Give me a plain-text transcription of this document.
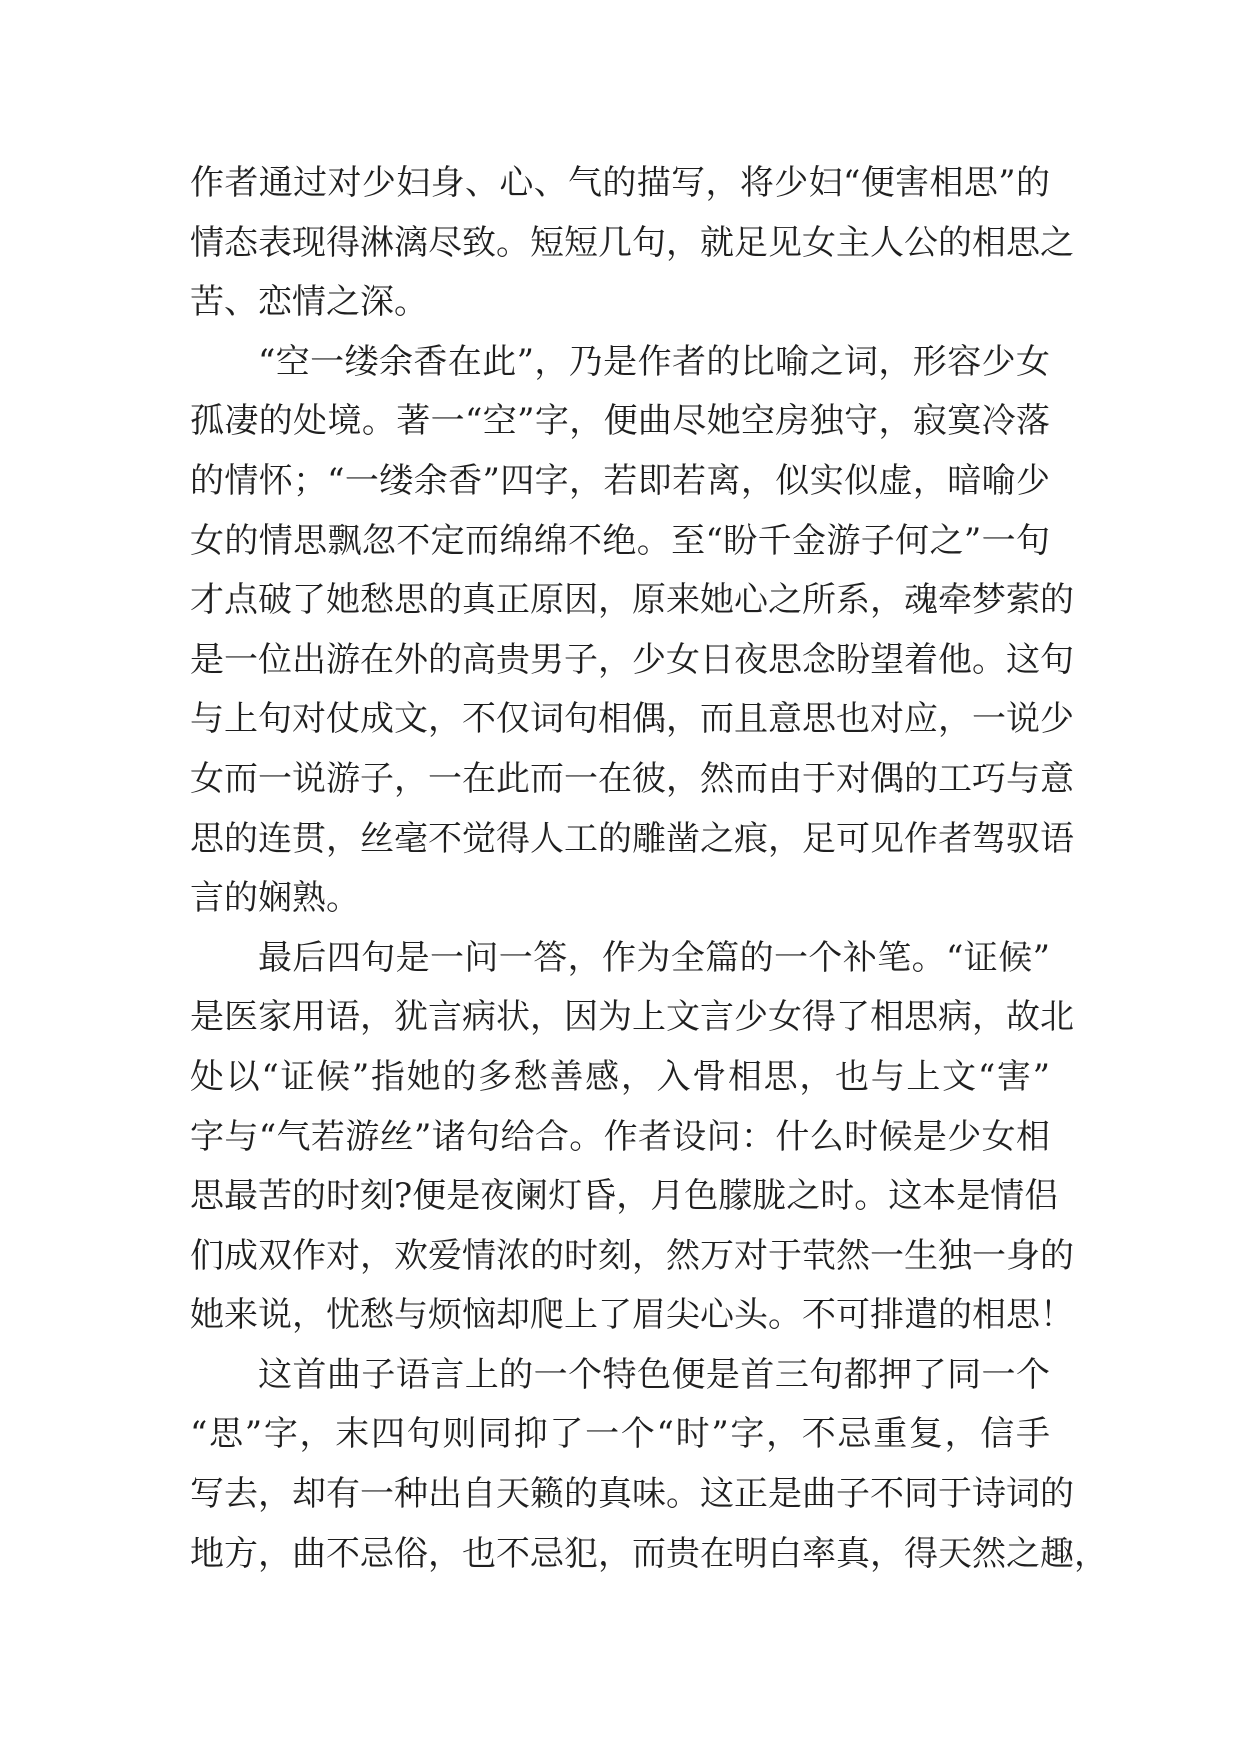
作者通过对少妇身、心、气的描写，将少妇“便害相思”的
情态表现得淋漓尽致。短短几句，就足见女主人公的相思之
苦、恋情之深。
“空一缕余香在此”，乃是作者的比喻之词，形容少女
孤凄的处境。著一“空”字，便曲尽她空房独守，寂寞冷落
的情怀；“一缕余香”四字，若即若离，似实似虚，暗喻少
女的情思飘忽不定而绵绵不绝。至“盼千金游子何之”一句
才点破了她愁思的真正原因，原来她心之所系，魂牵梦萦的
是一位出游在外的高贵男子，少女日夜思念盼望着他。这句
与上句对仗成文，不仅词句相偶，而且意思也对应，一说少
女而一说游子，一在此而一在彼，然而由于对偶的工巧与意
思的连贯，丝毫不觉得人工的雕凿之痕，足可见作者驾驭语
言的娴熟。
最后四句是一问一答，作为全篇的一个补笔。“证候”
是医家用语，犹言病状，因为上文言少女得了相思病，故北
处以“证候”指她的多愁善感，入骨相思，也与上文“害”
字与“气若游丝”诸句给合。作者设问：什么时候是少女相
思最苦的时刻?便是夜阑灯昏，月色朦胧之时。这本是情侣
们成双作对，欢爱情浓的时刻，然万对于茕然一生独一身的
她来说，忧愁与烦恼却爬上了眉尖心头。不可排遣的相思！
这首曲子语言上的一个特色便是首三句都押了同一个
“思”字，末四句则同抑了一个“时”字，不忌重复，信手
写去，却有一种出自天籁的真味。这正是曲子不同于诗词的
地方，曲不忌俗，也不忌犯，而贵在明白率真，得天然之趣，
